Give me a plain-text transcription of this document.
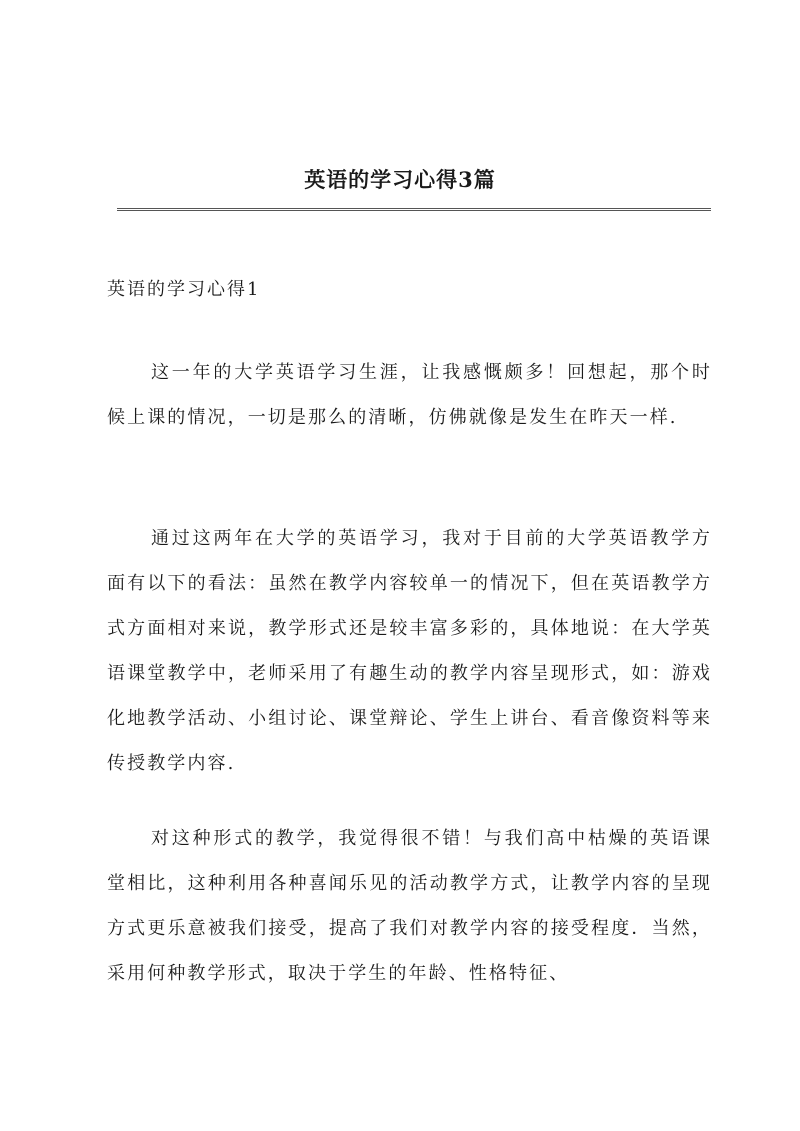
英语的学习心得3篇
英语的学习心得1

这一年的大学英语学习生涯，让我感慨颇多！回想起，那个时候上课的情况，一切是那么的清晰，仿佛就像是发生在昨天一样.

通过这两年在大学的英语学习，我对于目前的大学英语教学方面有以下的看法：虽然在教学内容较单一的情况下，但在英语教学方式方面相对来说，教学形式还是较丰富多彩的，具体地说：在大学英语课堂教学中，老师采用了有趣生动的教学内容呈现形式，如：游戏化地教学活动、小组讨论、课堂辩论、学生上讲台、看音像资料等来传授教学内容.

对这种形式的教学，我觉得很不错！与我们高中枯燥的英语课堂相比，这种利用各种喜闻乐见的活动教学方式，让教学内容的呈现方式更乐意被我们接受，提高了我们对教学内容的接受程度．当然，采用何种教学形式，取决于学生的年龄、性格特征、
